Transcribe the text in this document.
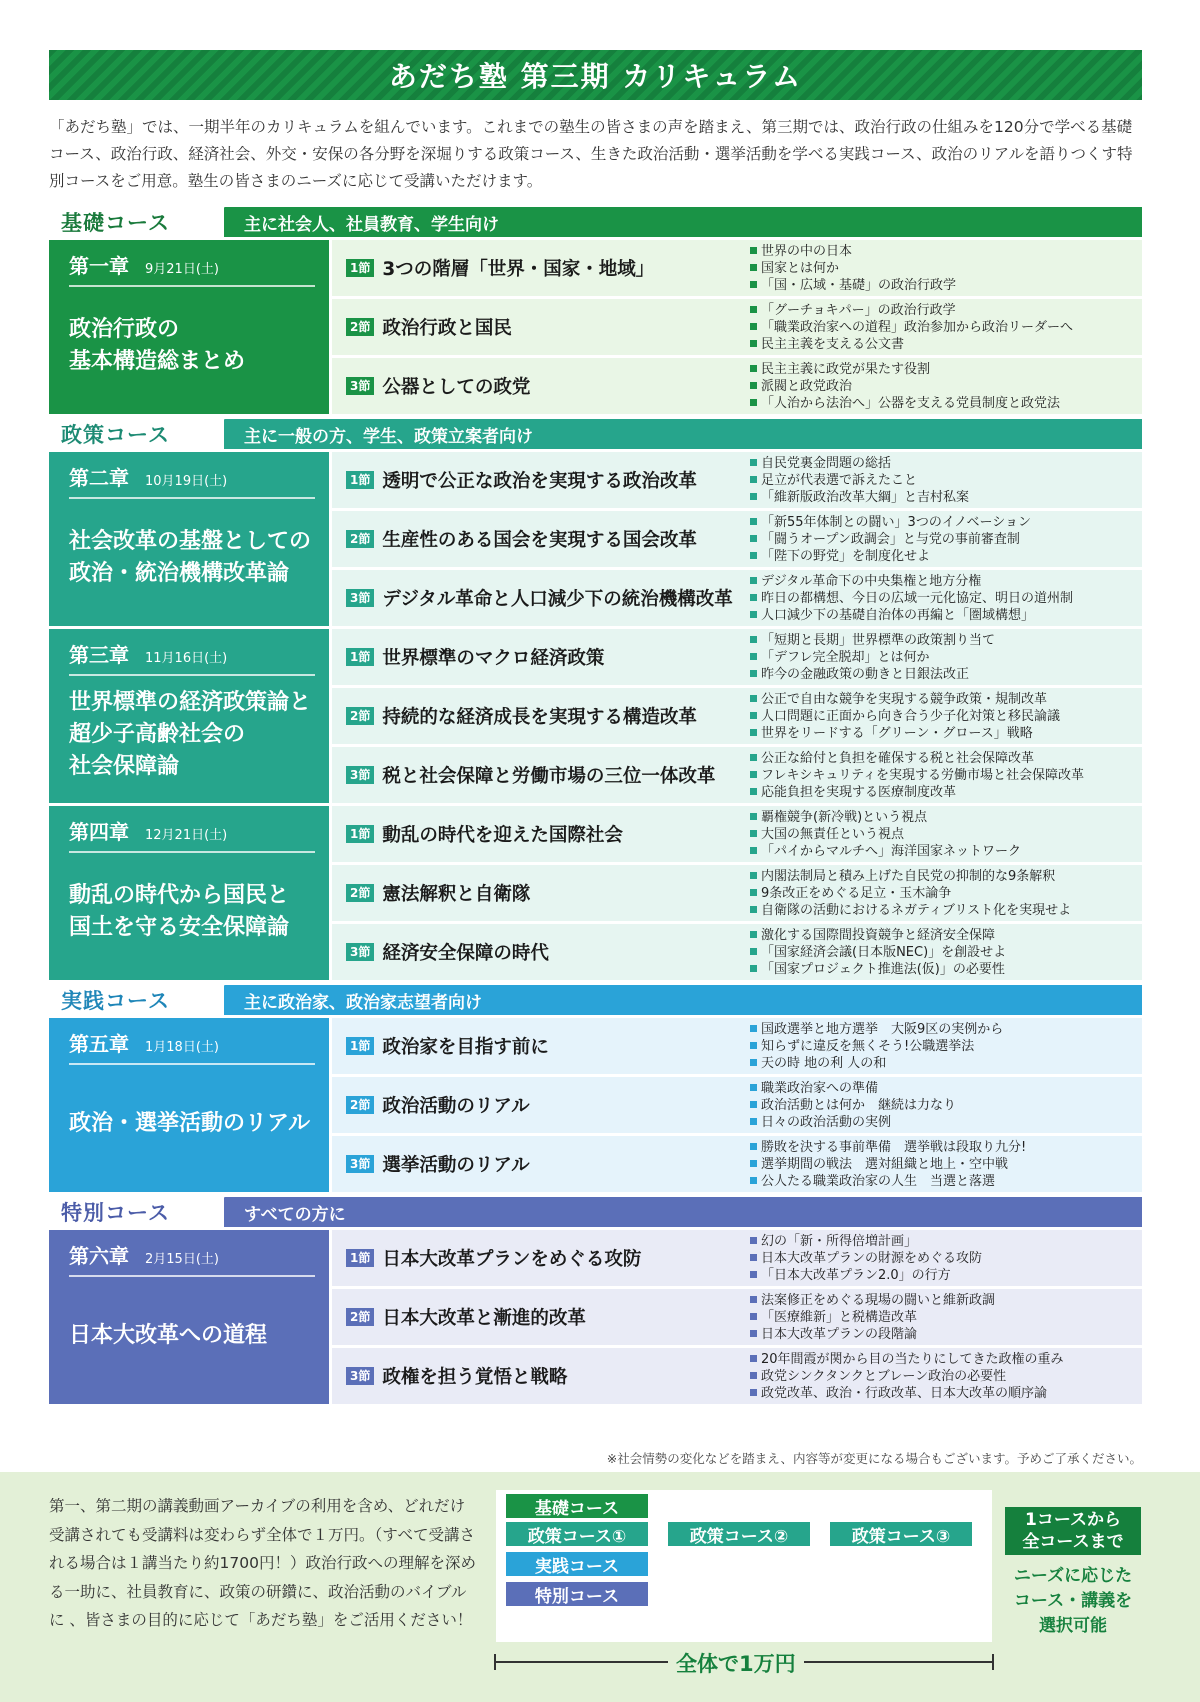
あだち塾 第三期 カリキュラム
「あだち塾」では、一期半年のカリキュラムを組んでいます。これまでの塾生の皆さまの声を踏まえ、第三期では、政治行政の仕組みを120分で学べる基礎コース、政治行政、経済社会、外交・安保の各分野を深堀りする政策コース、生きた政治活動・選挙活動を学べる実践コース、政治のリアルを語りつくす特別コースをご用意。塾生の皆さまのニーズに応じて受講いただけます。
基礎コース	主に社会人、社員教育、学生向け
第一章 9月21日(土)
政治行政の
基本構造総まとめ
1節 3つの階層「世界・国家・地域」
世界の中の日本
国家とは何か
「国・広域・基礎」の政治行政学
2節 政治行政と国民
「グーチョキパー」の政治行政学
「職業政治家への道程」政治参加から政治リーダーへ
民主主義を支える公文書
3節 公器としての政党
民主主義に政党が果たす役割
派閥と政党政治
「人治から法治へ」公器を支える党員制度と政党法
政策コース	主に一般の方、学生、政策立案者向け
第二章 10月19日(土)
社会改革の基盤としての
政治・統治機構改革論
1節 透明で公正な政治を実現する政治改革
自民党裏金問題の総括
足立が代表選で訴えたこと
「維新版政治改革大綱」と吉村私案
2節 生産性のある国会を実現する国会改革
「新55年体制との闘い」3つのイノベーション
「闘うオープン政調会」と与党の事前審査制
「陛下の野党」を制度化せよ
3節 デジタル革命と人口減少下の統治機構改革
デジタル革命下の中央集権と地方分権
昨日の都構想、今日の広域一元化協定、明日の道州制
人口減少下の基礎自治体の再編と「圏域構想」
第三章 11月16日(土)
世界標準の経済政策論と
超少子高齢社会の
社会保障論
1節 世界標準のマクロ経済政策
「短期と長期」世界標準の政策割り当て
「デフレ完全脱却」とは何か
昨今の金融政策の動きと日銀法改正
2節 持続的な経済成長を実現する構造改革
公正で自由な競争を実現する競争政策・規制改革
人口問題に正面から向き合う少子化対策と移民論議
世界をリードする「グリーン・グロース」戦略
3節 税と社会保障と労働市場の三位一体改革
公正な給付と負担を確保する税と社会保障改革
フレキシキュリティを実現する労働市場と社会保障改革
応能負担を実現する医療制度改革
第四章 12月21日(土)
動乱の時代から国民と
国土を守る安全保障論
1節 動乱の時代を迎えた国際社会
覇権競争(新冷戦)という視点
大国の無責任という視点
「パイからマルチへ」海洋国家ネットワーク
2節 憲法解釈と自衛隊
内閣法制局と積み上げた自民党の抑制的な9条解釈
9条改正をめぐる足立・玉木論争
自衛隊の活動におけるネガティブリスト化を実現せよ
3節 経済安全保障の時代
激化する国際間投資競争と経済安全保障
「国家経済会議(日本版NEC)」を創設せよ
「国家プロジェクト推進法(仮)」の必要性
実践コース	主に政治家、政治家志望者向け
第五章 1月18日(土)
政治・選挙活動のリアル
1節 政治家を目指す前に
国政選挙と地方選挙　大阪9区の実例から
知らずに違反を無くそう!公職選挙法
天の時 地の利 人の和
2節 政治活動のリアル
職業政治家への準備
政治活動とは何か　継続は力なり
日々の政治活動の実例
3節 選挙活動のリアル
勝敗を決する事前準備　選挙戦は段取り九分!
選挙期間の戦法　選対組織と地上・空中戦
公人たる職業政治家の人生　当選と落選
特別コース	すべての方に
第六章 2月15日(土)
日本大改革への道程
1節 日本大改革プランをめぐる攻防
幻の「新・所得倍増計画」
日本大改革プランの財源をめぐる攻防
「日本大改革プラン2.0」の行方
2節 日本大改革と漸進的改革
法案修正をめぐる現場の闘いと維新政調
「医療維新」と税構造改革
日本大改革プランの段階論
3節 政権を担う覚悟と戦略
20年間霞が関から目の当たりにしてきた政権の重み
政党シンクタンクとブレーン政治の必要性
政党改革、政治・行政改革、日本大改革の順序論
※社会情勢の変化などを踏まえ、内容等が変更になる場合もございます。予めご了承ください。
第一、第二期の講義動画アーカイブの利用を含め、どれだけ受講されても受講料は変わらず全体で１万円。（すべて受講される場合は１講当たり約1700円！）政治行政への理解を深める一助に、社員教育に、政策の研鑽に、政治活動のバイブルに 、皆さまの目的に応じて「あだち塾」をご活用ください！
基礎コース
政策コース①	政策コース②	政策コース③
実践コース
特別コース
1コースから
全コースまで
ニーズに応じた
コース・講義を
選択可能
全体で1万円
